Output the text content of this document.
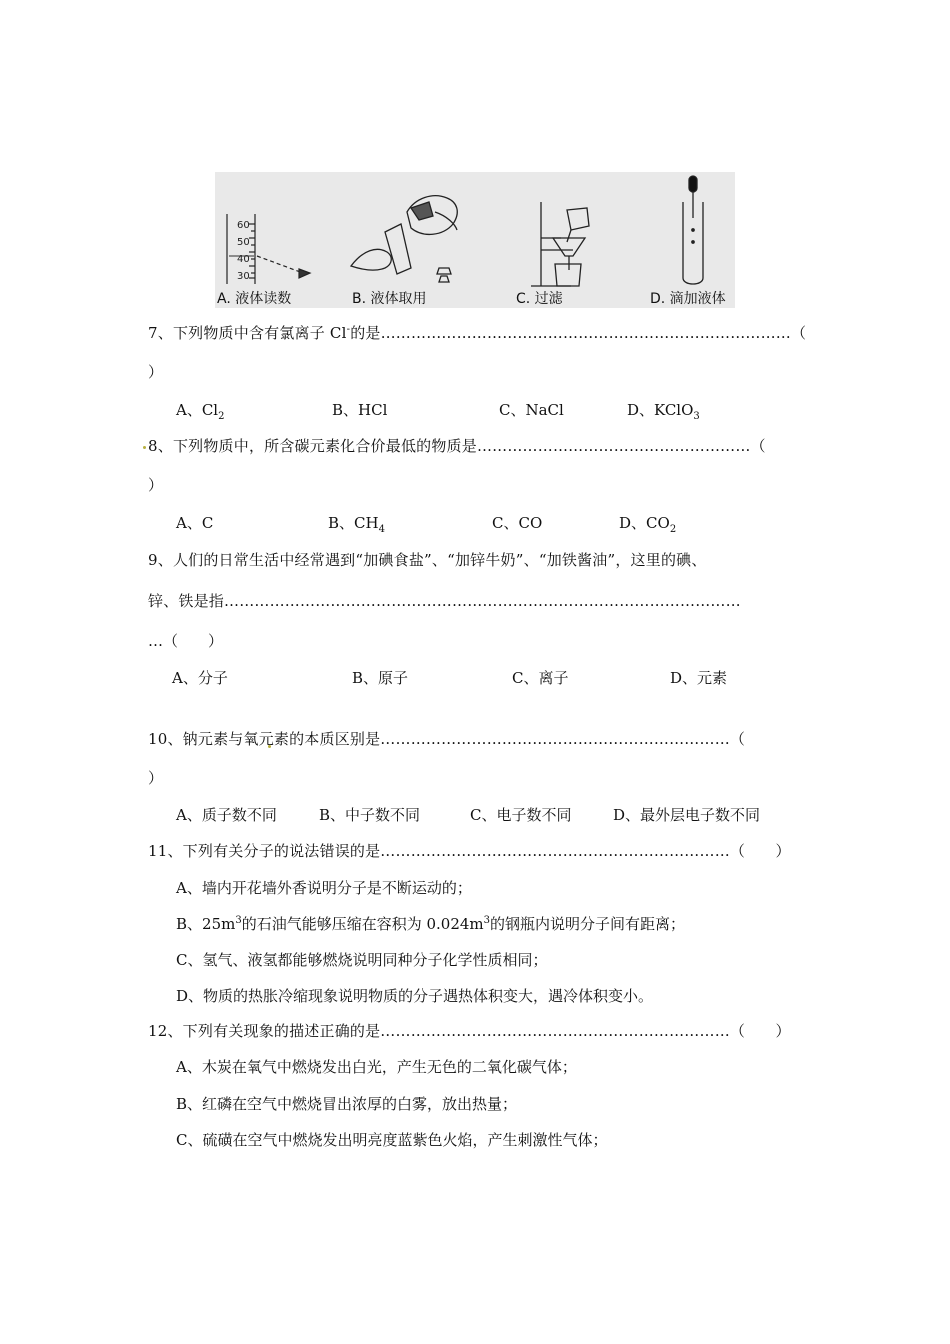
60
50
40
30
A. 液体读数	B. 液体取用	C. 过滤	D. 滴加液体
7、下列物质中含有氯离子 Cl-的是………………………………………………………………………（
）
A、$Cl_2$	B、HCl	C、NaCl	D、KClO$_3$
8、下列物质中，所含碳元素化合价最低的物质是………………………………………………（
）
A、C	B、$CH_4$	C、CO	D、$CO_2$
9、人们的日常生活中经常遇到“加碘食盐”、“加锌牛奶”、“加铁酱油”，这里的碘、
锌、铁是指…………………………………………………………………………………………
…（　　）
A、分子	B、原子	C、离子	D、元素
10、钠元素与氧元素的本质区别是……………………………………………………………（
）
A、质子数不同	B、中子数不同	C、电子数不同	D、最外层电子数不同
11、下列有关分子的说法错误的是……………………………………………………………（　　）
A、墙内开花墙外香说明分子是不断运动的；
B、$25m^3$的石油气能够压缩在容积为 $0.024m^3$的钢瓶内说明分子间有距离；
C、氢气、液氢都能够燃烧说明同种分子化学性质相同；
D、物质的热胀冷缩现象说明物质的分子遇热体积变大，遇冷体积变小。
12、下列有关现象的描述正确的是……………………………………………………………（　　）
A、木炭在氧气中燃烧发出白光，产生无色的二氧化碳气体；
B、红磷在空气中燃烧冒出浓厚的白雾，放出热量；
C、硫磺在空气中燃烧发出明亮度蓝紫色火焰，产生刺激性气体；
